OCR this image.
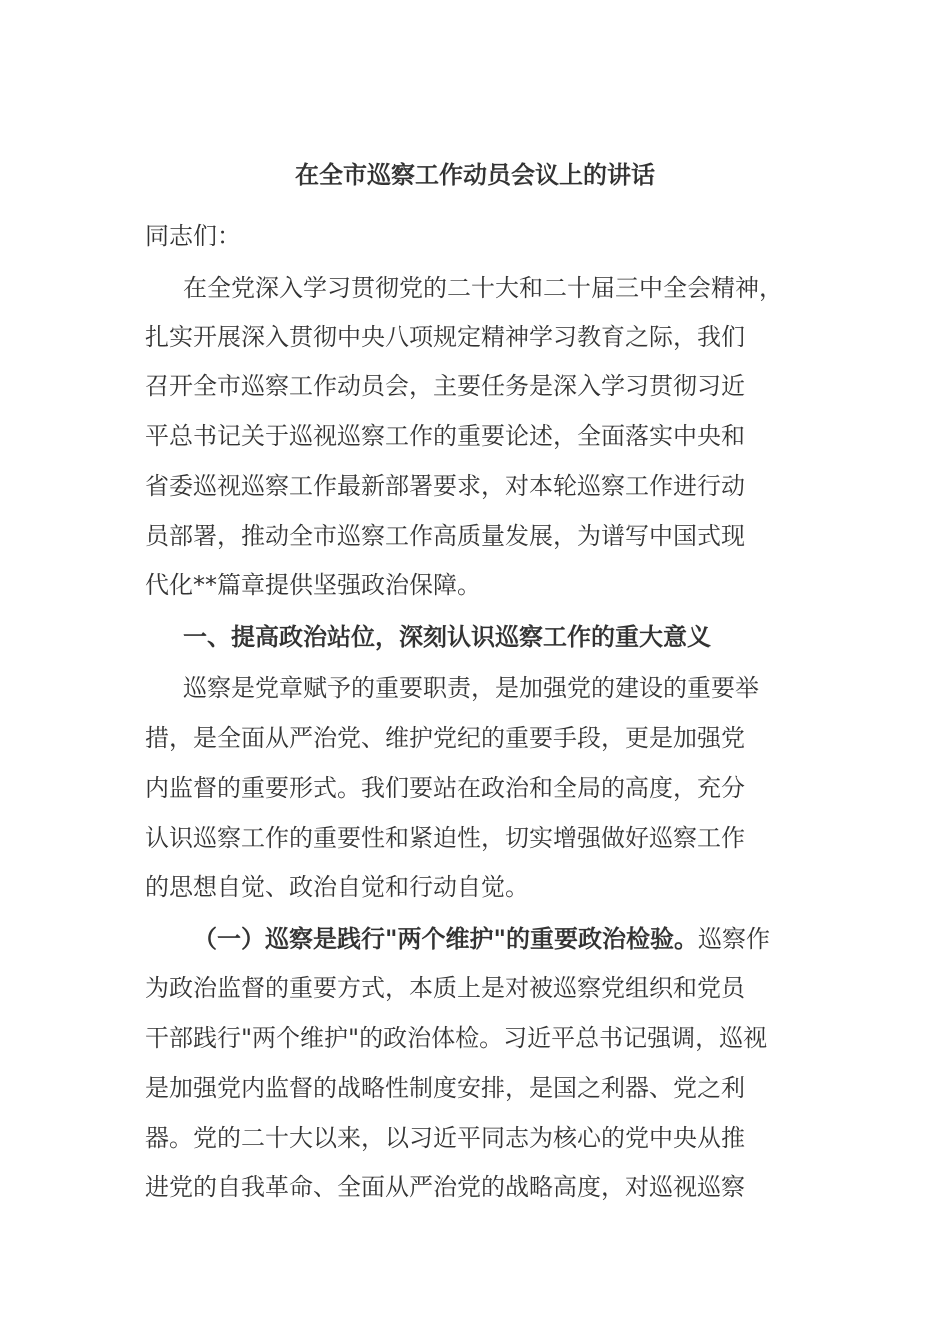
在全市巡察工作动员会议上的讲话
同志们：
在全党深入学习贯彻党的二十大和二十届三中全会精神，
扎实开展深入贯彻中央八项规定精神学习教育之际，我们
召开全市巡察工作动员会，主要任务是深入学习贯彻习近
平总书记关于巡视巡察工作的重要论述，全面落实中央和
省委巡视巡察工作最新部署要求，对本轮巡察工作进行动
员部署，推动全市巡察工作高质量发展，为谱写中国式现
代化**篇章提供坚强政治保障。
一、提高政治站位，深刻认识巡察工作的重大意义
巡察是党章赋予的重要职责，是加强党的建设的重要举
措，是全面从严治党、维护党纪的重要手段，更是加强党
内监督的重要形式。我们要站在政治和全局的高度，充分
认识巡察工作的重要性和紧迫性，切实增强做好巡察工作
的思想自觉、政治自觉和行动自觉。
（一）巡察是践行"两个维护"的重要政治检验。巡察作
为政治监督的重要方式，本质上是对被巡察党组织和党员
干部践行"两个维护"的政治体检。习近平总书记强调，巡视
是加强党内监督的战略性制度安排，是国之利器、党之利
器。党的二十大以来，以习近平同志为核心的党中央从推
进党的自我革命、全面从严治党的战略高度，对巡视巡察
